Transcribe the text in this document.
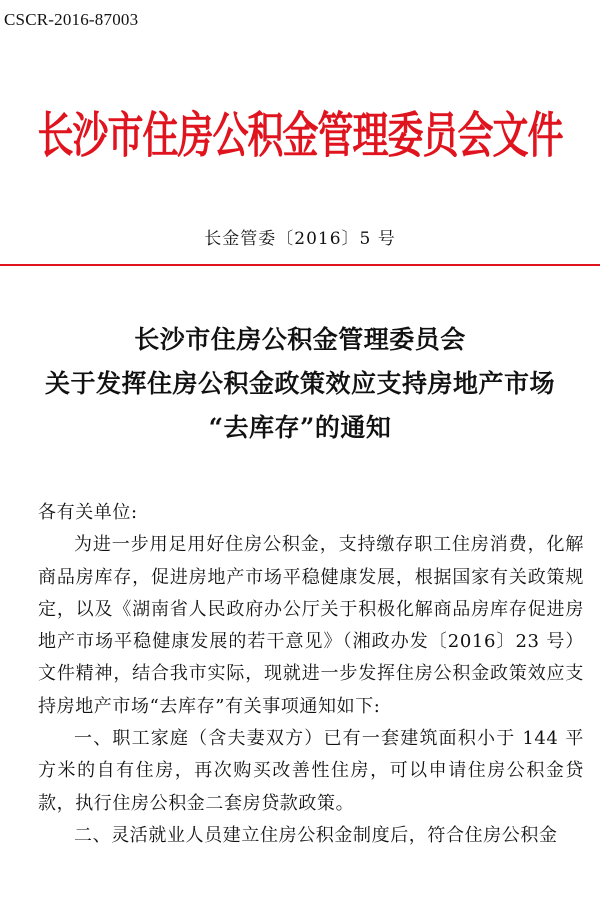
CSCR-2016-87003
长沙市住房公积金管理委员会文件
长金管委〔2016〕5 号
长沙市住房公积金管理委员会
关于发挥住房公积金政策效应支持房地产市场
“去库存”的通知

各有关单位:

为进一步用足用好住房公积金，支持缴存职工住房消费，化解商品房库存，促进房地产市场平稳健康发展，根据国家有关政策规定，以及《湖南省人民政府办公厅关于积极化解商品房库存促进房地产市场平稳健康发展的若干意见》（湘政办发〔2016〕23 号）文件精神，结合我市实际，现就进一步发挥住房公积金政策效应支持房地产市场“去库存”有关事项通知如下:

一、职工家庭（含夫妻双方）已有一套建筑面积小于 144 平方米的自有住房，再次购买改善性住房，可以申请住房公积金贷款，执行住房公积金二套房贷款政策。

二、灵活就业人员建立住房公积金制度后，符合住房公积金
